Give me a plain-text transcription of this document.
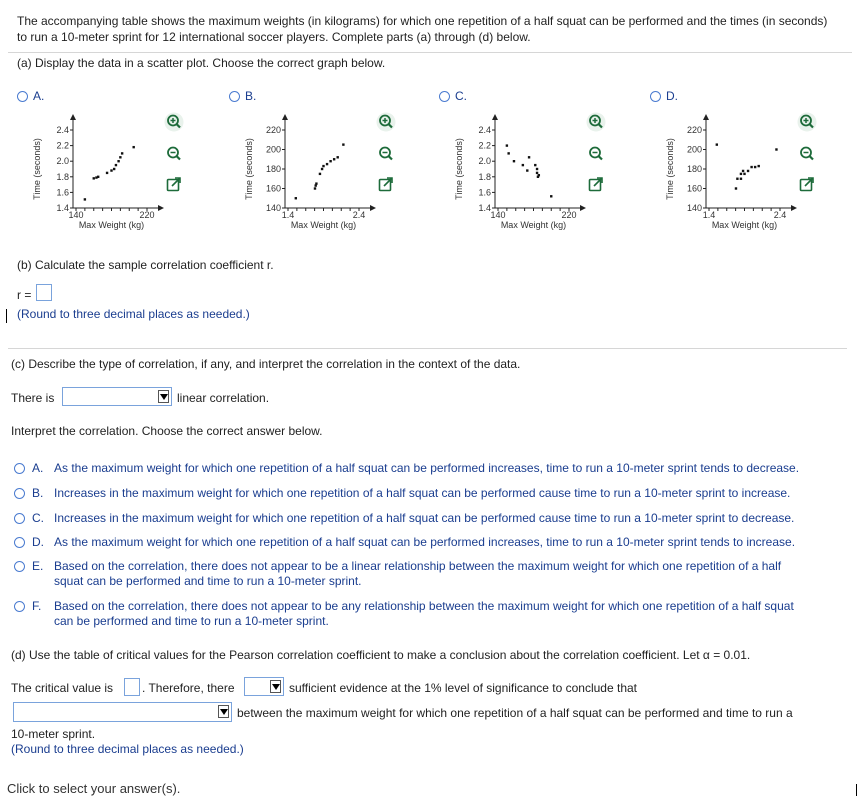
The accompanying table shows the maximum weights (in kilograms) for which one repetition of a half squat can be performed and the times (in seconds)
to run a 10-meter sprint for 12 international soccer players. Complete parts (a) through (d) below.
(a) Display the data in a scatter plot. Choose the correct graph below.
A.
2.4
2.2
2.0
1.8
1.6
1.4
140	220
Max Weight (kg)
Time (seconds)
B.
220
200
180
160
140
1.4	2.4
Max Weight (kg)
Time (seconds)
C.
2.4
2.2
2.0
1.8
1.6
1.4
140	220
Max Weight (kg)
Time (seconds)
D.
220
200
180
160
140
1.4	2.4
Max Weight (kg)
Time (seconds)
(b) Calculate the sample correlation coefficient r.
r =
(Round to three decimal places as needed.)
(c) Describe the type of correlation, if any, and interpret the correlation in the context of the data.
There is	linear correlation.
Interpret the correlation. Choose the correct answer below.
A. As the maximum weight for which one repetition of a half squat can be performed increases, time to run a 10-meter sprint tends to decrease.
B. Increases in the maximum weight for which one repetition of a half squat can be performed cause time to run a 10-meter sprint to increase.
C. Increases in the maximum weight for which one repetition of a half squat can be performed cause time to run a 10-meter sprint to decrease.
D. As the maximum weight for which one repetition of a half squat can be performed increases, time to run a 10-meter sprint tends to increase.
E. Based on the correlation, there does not appear to be a linear relationship between the maximum weight for which one repetition of a half
squat can be performed and time to run a 10-meter sprint.
F. Based on the correlation, there does not appear to be any relationship between the maximum weight for which one repetition of a half squat
can be performed and time to run a 10-meter sprint.
(d) Use the table of critical values for the Pearson correlation coefficient to make a conclusion about the correlation coefficient. Let α = 0.01.
The critical value is . Therefore, there	sufficient evidence at the 1% level of significance to conclude that
between the maximum weight for which one repetition of a half squat can be performed and time to run a
10-meter sprint.
(Round to three decimal places as needed.)
Click to select your answer(s).
